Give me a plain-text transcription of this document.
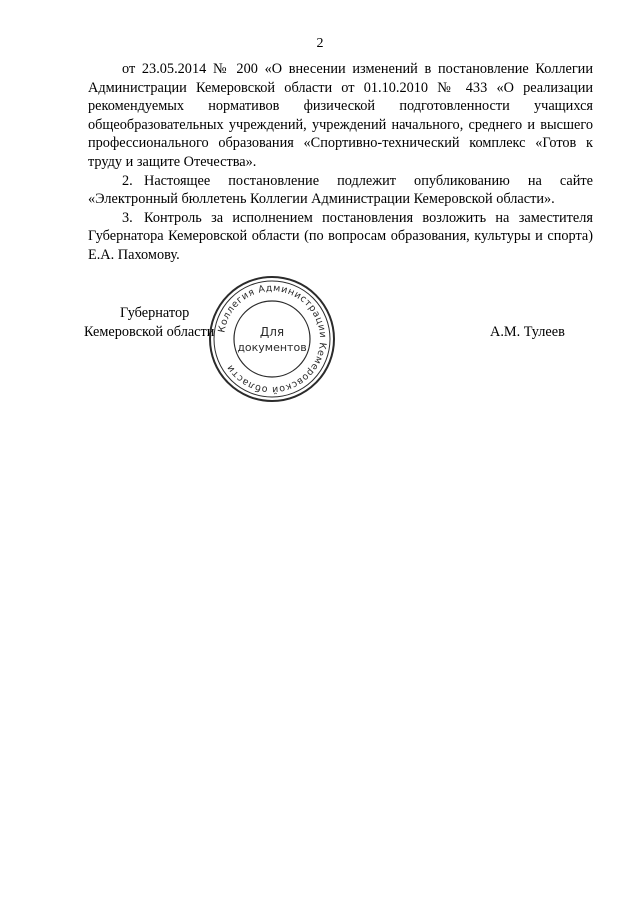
2

от 23.05.2014 № 200 «О внесении изменений в постановление Коллегии Администрации Кемеровской области от 01.10.2010 № 433 «О реализации рекомендуемых нормативов физической подготовленности учащихся общеобразовательных учреждений, учреждений начального, среднего и высшего профессионального образования «Спортивно-технический комплекс «Готов к труду и защите Отечества».

2. Настоящее постановление подлежит опубликованию на сайте «Электронный бюллетень Коллегии Администрации Кемеровской области».

3. Контроль за исполнением постановления возложить на заместителя Губернатора Кемеровской области (по вопросам образования, культуры и спорта) Е.А. Пахомову.

Коллегия Администрации Кемеровской области
Для
документов
Губернатор
Кемеровской области	А.М. Тулеев
